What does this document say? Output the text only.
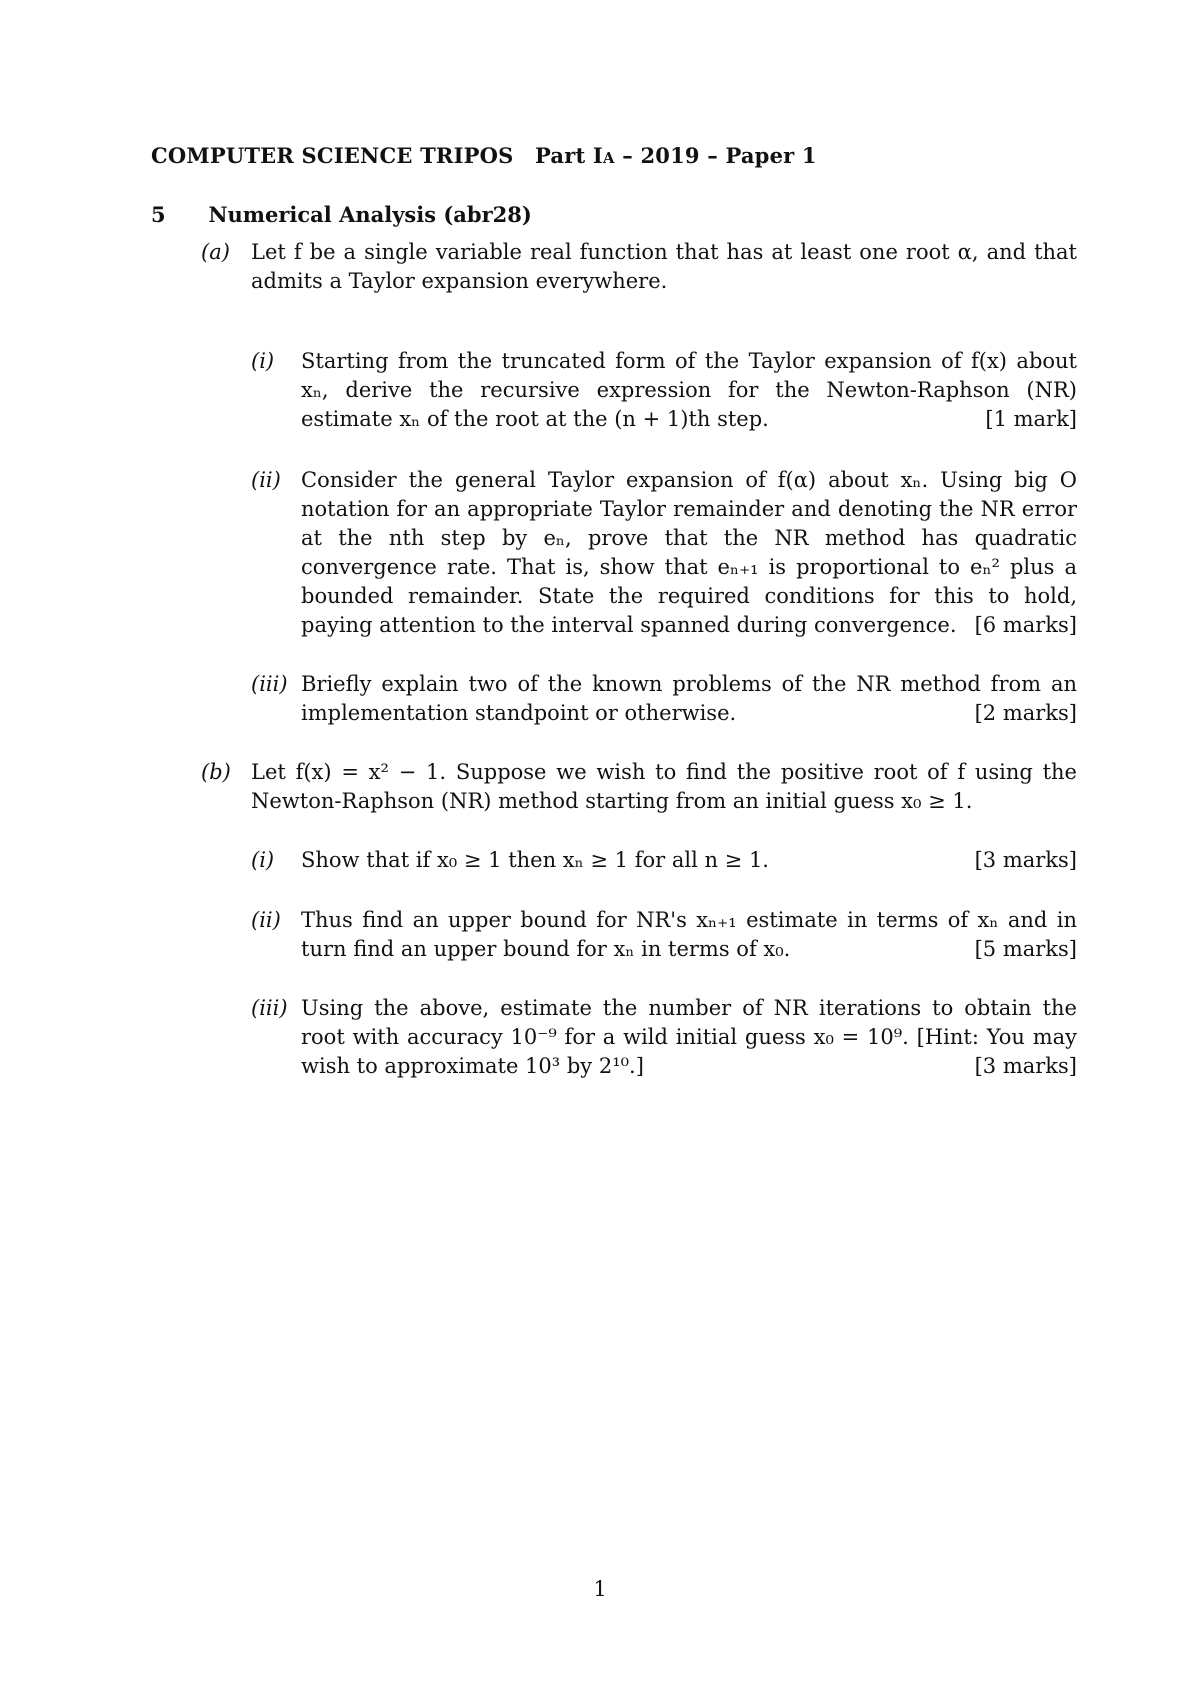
COMPUTER SCIENCE TRIPOS Part IA – 2019 – Paper 1
5 Numerical Analysis (abr28)
(a) Let f be a single variable real function that has at least one root α, and that admits a Taylor expansion everywhere.
(i) Starting from the truncated form of the Taylor expansion of f(x) about xₙ, derive the recursive expression for the Newton-Raphson (NR) estimate xₙ of the root at the (n + 1)th step.	[1 mark]
(ii) Consider the general Taylor expansion of f(α) about xₙ. Using big O notation for an appropriate Taylor remainder and denoting the NR error at the nth step by eₙ, prove that the NR method has quadratic convergence rate. That is, show that eₙ₊₁ is proportional to eₙ² plus a bounded remainder. State the required conditions for this to hold, paying attention to the interval spanned during convergence. [6 marks]
(iii) Briefly explain two of the known problems of the NR method from an implementation standpoint or otherwise.	[2 marks]
(b) Let f(x) = x² − 1. Suppose we wish to find the positive root of f using the Newton-Raphson (NR) method starting from an initial guess x₀ ≥ 1.
(i) Show that if x₀ ≥ 1 then xₙ ≥ 1 for all n ≥ 1.	[3 marks]
(ii) Thus find an upper bound for NR's xₙ₊₁ estimate in terms of xₙ and in turn find an upper bound for xₙ in terms of x₀.	[5 marks]
(iii) Using the above, estimate the number of NR iterations to obtain the root with accuracy 10⁻⁹ for a wild initial guess x₀ = 10⁹. [Hint: You may wish to approximate 10³ by 2¹⁰.]	[3 marks]
1
